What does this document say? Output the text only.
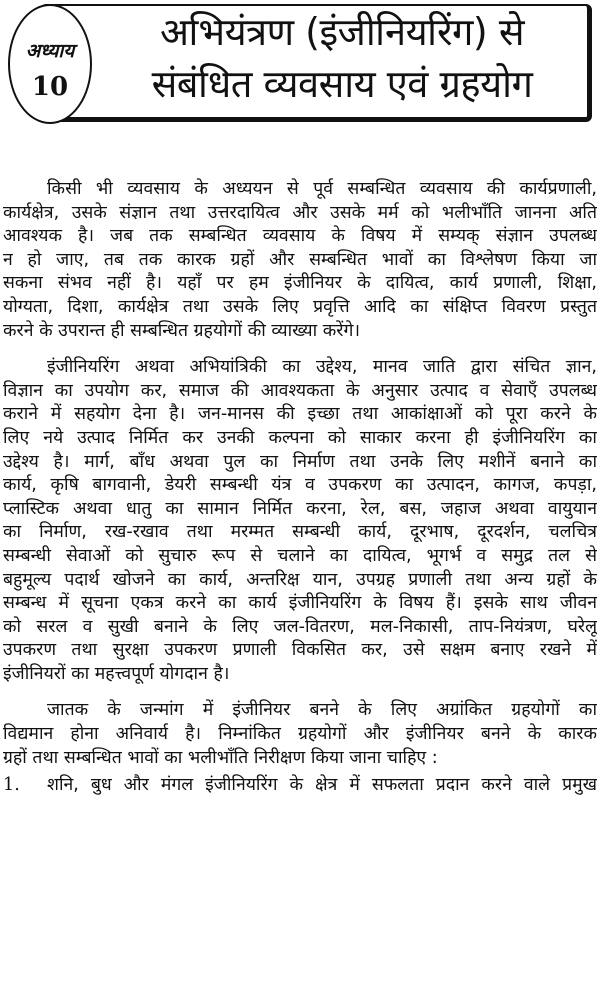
अभियंत्रण (इंजीनियरिंग) से
संबंधित व्यवसाय एवं ग्रहयोग
अध्याय
10
किसी भी व्यवसाय के अध्ययन से पूर्व सम्बन्धित व्यवसाय की कार्यप्रणाली,
कार्यक्षेत्र, उसके संज्ञान तथा उत्तरदायित्व और उसके मर्म को भलीभाँति जानना अति
आवश्यक है। जब तक सम्बन्धित व्यवसाय के विषय में सम्यक् संज्ञान उपलब्ध
न हो जाए, तब तक कारक ग्रहों और सम्बन्धित भावों का विश्लेषण किया जा
सकना संभव नहीं है। यहाँ पर हम इंजीनियर के दायित्व, कार्य प्रणाली, शिक्षा,
योग्यता, दिशा, कार्यक्षेत्र तथा उसके लिए प्रवृत्ति आदि का संक्षिप्त विवरण प्रस्तुत
करने के उपरान्त ही सम्बन्धित ग्रहयोगों की व्याख्या करेंगे।
इंजीनियरिंग अथवा अभियांत्रिकी का उद्देश्य, मानव जाति द्वारा संचित ज्ञान,
विज्ञान का उपयोग कर, समाज की आवश्यकता के अनुसार उत्पाद व सेवाएँ उपलब्ध
कराने में सहयोग देना है। जन-मानस की इच्छा तथा आकांक्षाओं को पूरा करने के
लिए नये उत्पाद निर्मित कर उनकी कल्पना को साकार करना ही इंजीनियरिंग का
उद्देश्य है। मार्ग, बाँध अथवा पुल का निर्माण तथा उनके लिए मशीनें बनाने का
कार्य, कृषि बागवानी, डेयरी सम्बन्धी यंत्र व उपकरण का उत्पादन, कागज, कपड़ा,
प्लास्टिक अथवा धातु का सामान निर्मित करना, रेल, बस, जहाज अथवा वायुयान
का निर्माण, रख-रखाव तथा मरम्मत सम्बन्धी कार्य, दूरभाष, दूरदर्शन, चलचित्र
सम्बन्धी सेवाओं को सुचारु रूप से चलाने का दायित्व, भूगर्भ व समुद्र तल से
बहुमूल्य पदार्थ खोजने का कार्य, अन्तरिक्ष यान, उपग्रह प्रणाली तथा अन्य ग्रहों के
सम्बन्ध में सूचना एकत्र करने का कार्य इंजीनियरिंग के विषय हैं। इसके साथ जीवन
को सरल व सुखी बनाने के लिए जल-वितरण, मल-निकासी, ताप-नियंत्रण, घरेलू
उपकरण तथा सुरक्षा उपकरण प्रणाली विकसित कर, उसे सक्षम बनाए रखने में
इंजीनियरों का महत्त्वपूर्ण योगदान है।
जातक के जन्मांग में इंजीनियर बनने के लिए अग्रांकित ग्रहयोगों का
विद्यमान होना अनिवार्य है। निम्नांकित ग्रहयोगों और इंजीनियर बनने के कारक
ग्रहों तथा सम्बन्धित भावों का भलीभाँति निरीक्षण किया जाना चाहिए :
1.	शनि, बुध और मंगल इंजीनियरिंग के क्षेत्र में सफलता प्रदान करने वाले प्रमुख
